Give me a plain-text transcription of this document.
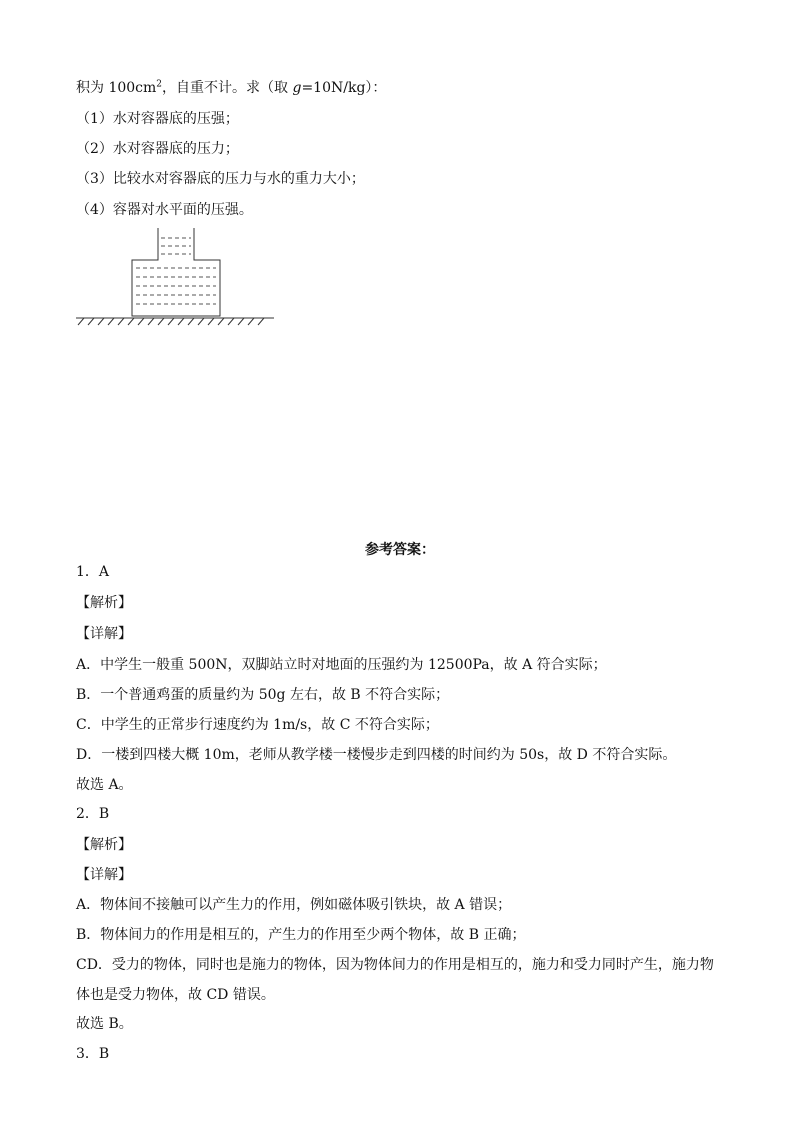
积为 $100cm^2$，自重不计。求（取 g=10N/kg）：
（1）水对容器底的压强；
（2）水对容器底的压力；
（3）比较水对容器底的压力与水的重力大小；
（4）容器对水平面的压强。
参考答案：
1．A
【解析】
【详解】
A．中学生一般重 500N，双脚站立时对地面的压强约为 12500Pa，故 A 符合实际；
B．一个普通鸡蛋的质量约为 50g 左右，故 B 不符合实际；
C．中学生的正常步行速度约为 1m/s，故 C 不符合实际；
D．一楼到四楼大概 10m，老师从教学楼一楼慢步走到四楼的时间约为 50s，故 D 不符合实际。
故选 A。
2．B
【解析】
【详解】
A．物体间不接触可以产生力的作用，例如磁体吸引铁块，故 A 错误；
B．物体间力的作用是相互的，产生力的作用至少两个物体，故 B 正确；
CD．受力的物体，同时也是施力的物体，因为物体间力的作用是相互的，施力和受力同时产生，施力物
体也是受力物体，故 CD 错误。
故选 B。
3．B
